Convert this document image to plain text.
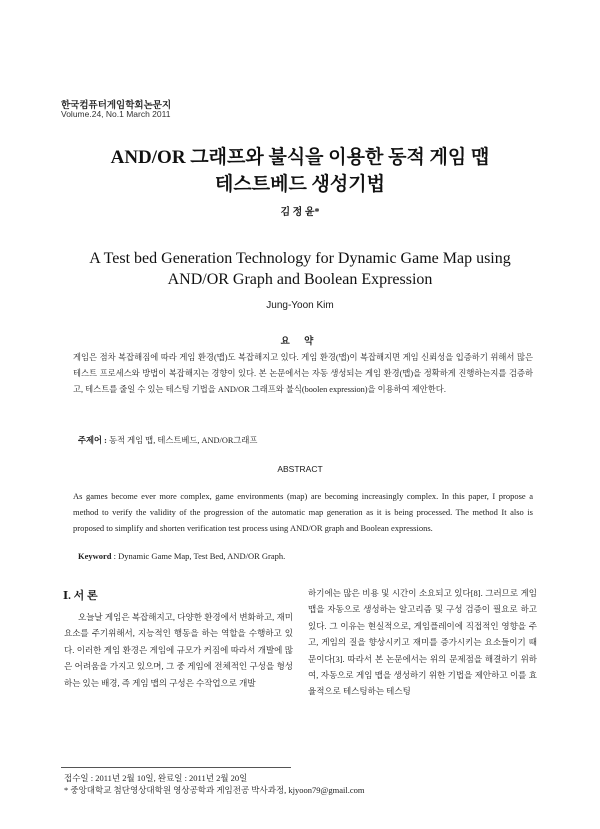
한국컴퓨터게임학회논문지
Volume.24, No.1 March 2011
AND/OR 그래프와 불식을 이용한 동적 게임 맵
테스트베드 생성기법
김 정 윤*
A Test bed Generation Technology for Dynamic Game Map using
AND/OR Graph and Boolean Expression
Jung-Yoon Kim
요 약
게임은 점차 복잡해짐에 따라 게임 환경(맵)도 복잡해지고 있다. 게임 환경(맵)이 복잡해지면 게임 신뢰성을 입증하기 위해서 많은 테스트 프로세스와 방법이 복잡해지는 경향이 있다. 본 논문에서는 자동 생성되는 게임 환경(맵)을 정확하게 진행하는지를 검증하고, 테스트를 줄일 수 있는 테스팅 기법을 AND/OR 그래프와 불식(boolen expression)을 이용하여 제안한다.
주제어 : 동적 게임 맵, 테스트베드, AND/OR그래프
ABSTRACT
As games become ever more complex, game environments (map) are becoming increasingly complex. In this paper, I propose a method to verify the validity of the progression of the automatic map generation as it is being processed. The method It also is proposed to simplify and shorten verification test process using AND/OR graph and Boolean expressions.
Keyword : Dynamic Game Map, Test Bed, AND/OR Graph.
Ⅰ. 서 론

오늘날 게임은 복잡해지고, 다양한 환경에서 변화하고, 재미요소를 주기위해서, 지능적인 행동을 하는 역할을 수행하고 있다. 이러한 게임 환경은 게임에 규모가 커짐에 따라서 개발에 많은 어려움을 가지고 있으며, 그 중 게임에 전체적인 구성을 형성하는 있는 배경, 즉 게임 맵의 구성은 수작업으로 개발

하기에는 많은 비용 및 시간이 소요되고 있다[8]. 그러므로 게임 맵을 자동으로 생성하는 알고리즘 및 구성 검증이 필요로 하고 있다. 그 이유는 현실적으로, 게임플레이에 직접적인 영향을 주고, 게임의 질을 향상시키고 재미를 증가시키는 요소들이기 때문이다[3]. 따라서 본 논문에서는 위의 문제점을 해결하기 위하여, 자동으로 게임 맵을 생성하기 위한 기법을 제안하고 이를 효율적으로 테스팅하는 테스팅

접수일 : 2011년 2월 10일, 완료일 : 2011년 2월 20일
* 중앙대학교 첨단영상대학원 영상공학과 게임전공 박사과정, kjyoon79@gmail.com
